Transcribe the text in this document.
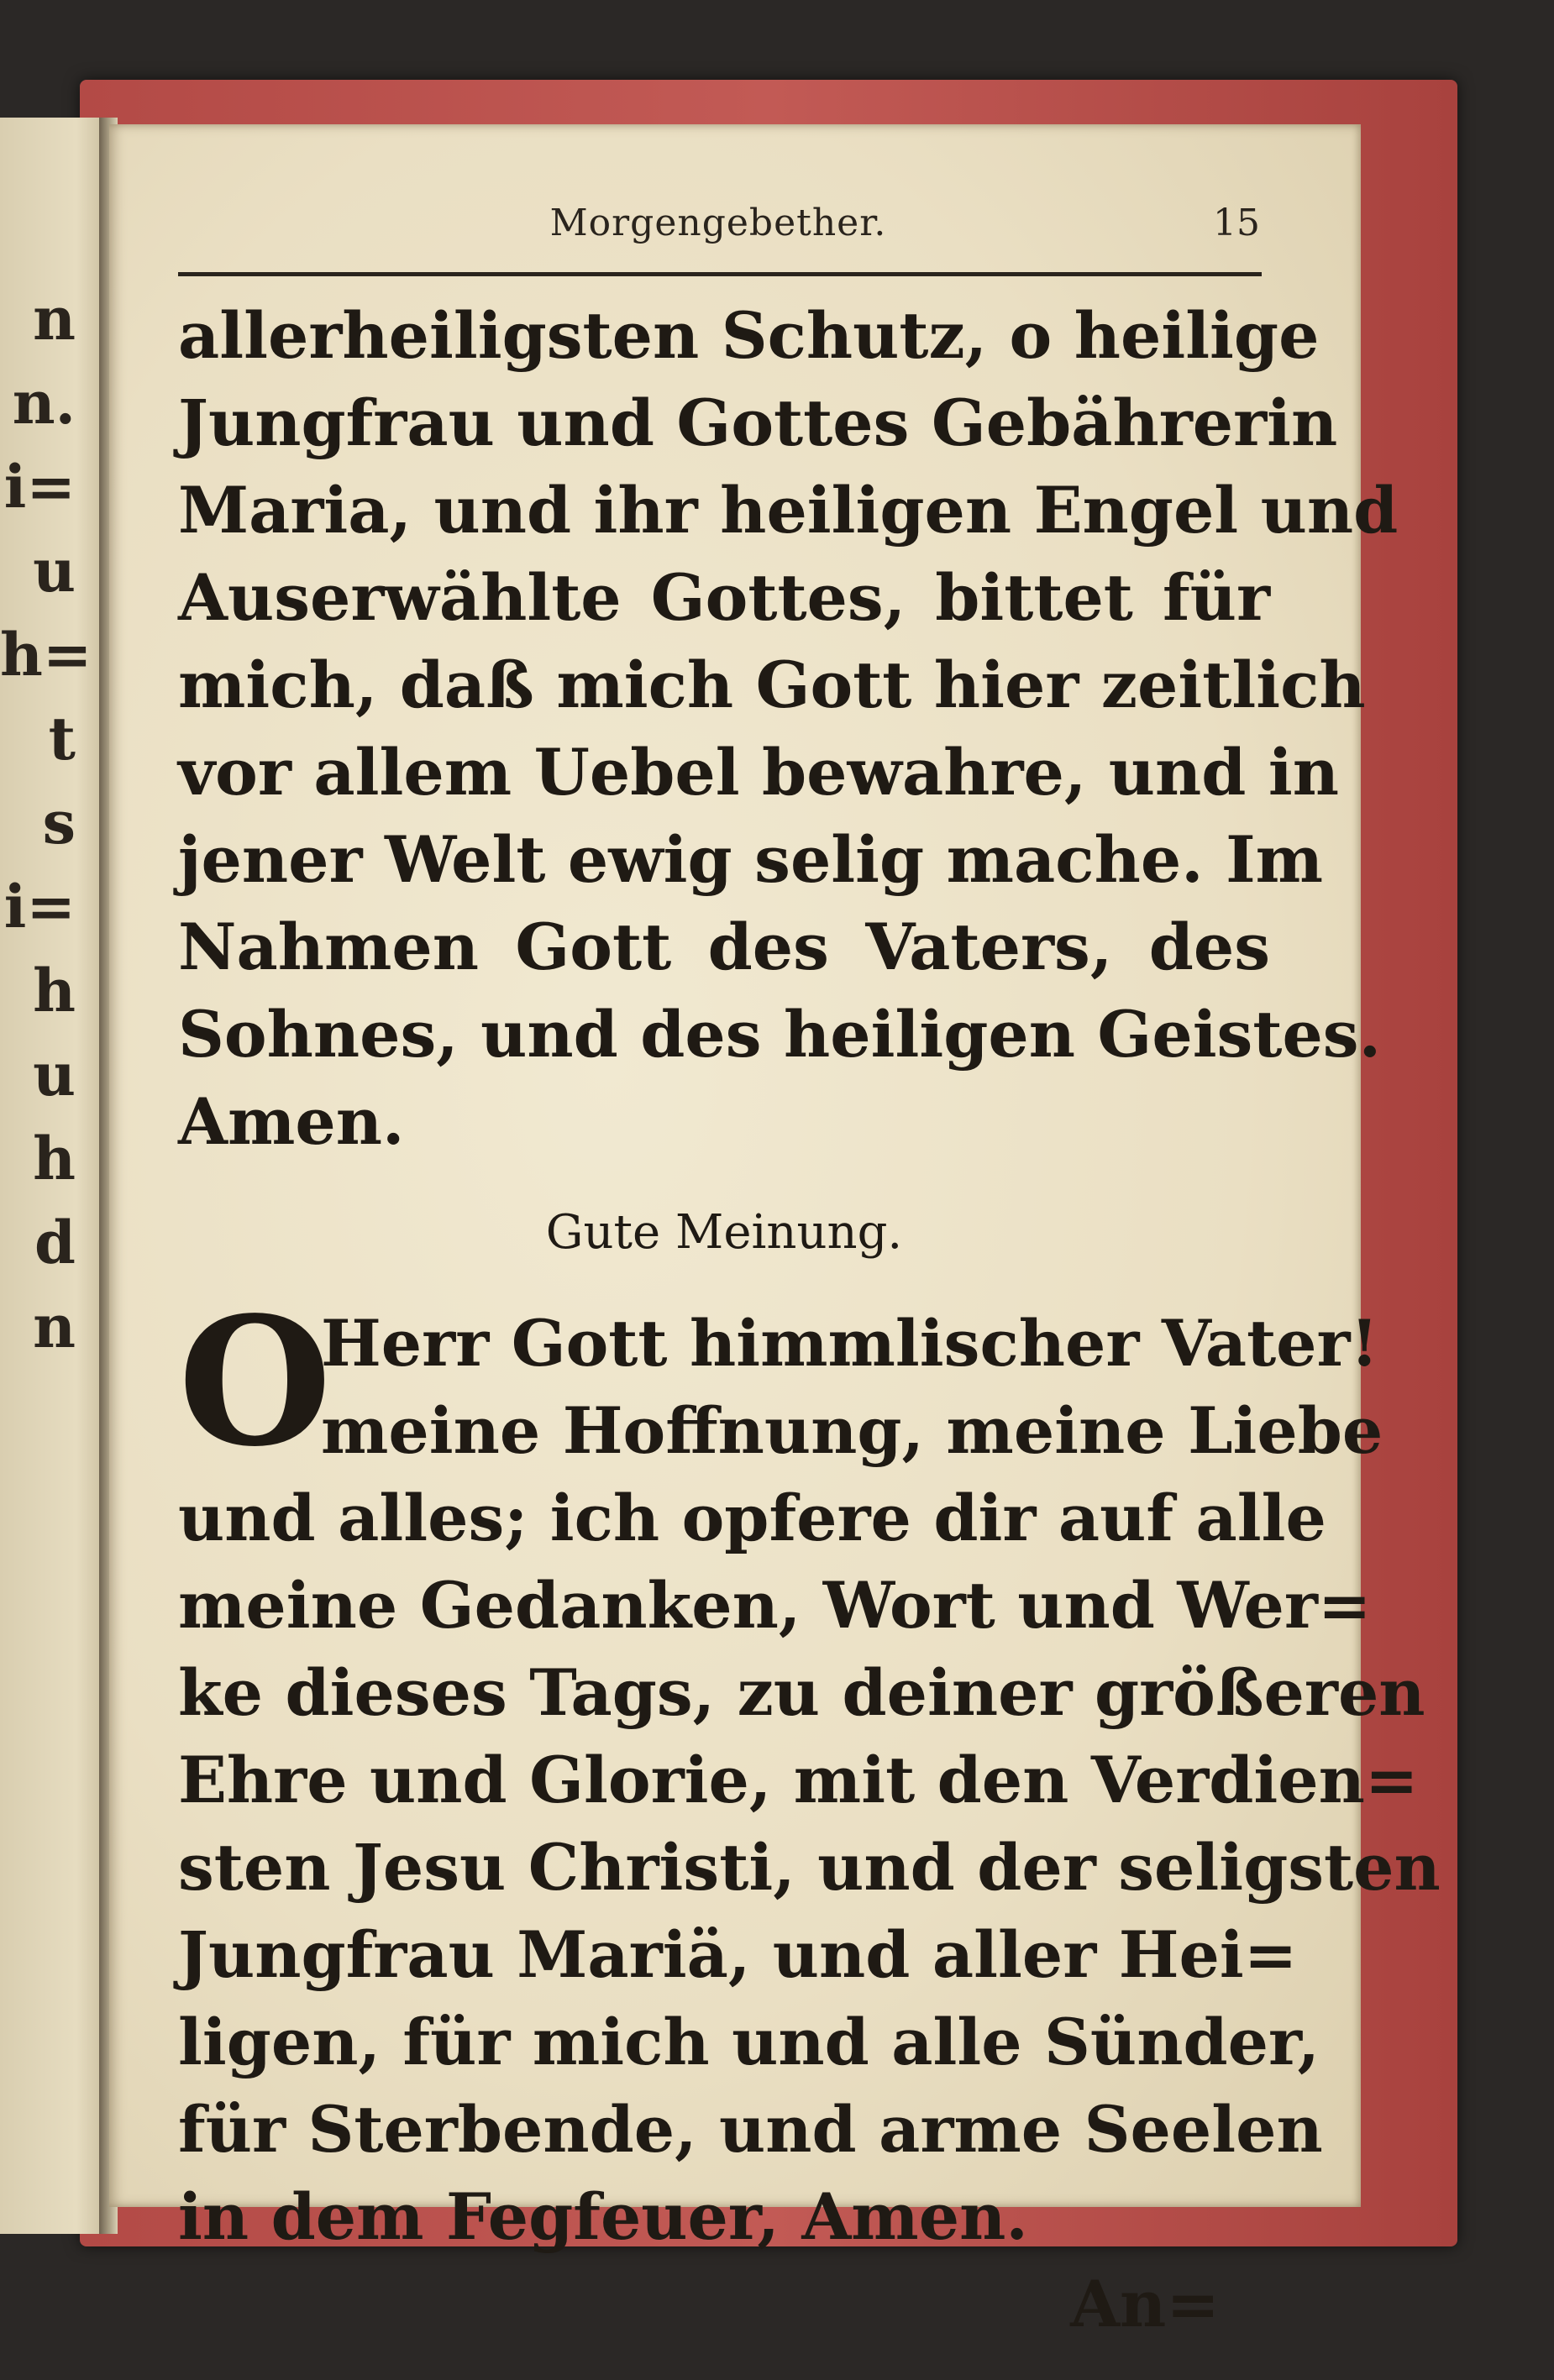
n
n.
i=
u
h=
t
s
i=
h
u
h
d
n
Morgengebether.	15
allerheiligsten Schutz, o heilige
Jungfrau und Gottes Gebährerin
Maria, und ihr heiligen Engel und
Auserwählte Gottes, bittet für
mich, daß mich Gott hier zeitlich
vor allem Uebel bewahre, und in
jener Welt ewig selig mache. Im
Nahmen Gott des Vaters, des
Sohnes, und des heiligen Geistes.
Amen.
Gute Meinung.
O
Herr Gott himmlischer Vater!
meine Hoffnung, meine Liebe
und alles; ich opfere dir auf alle
meine Gedanken, Wort und Wer=
ke dieses Tags, zu deiner größeren
Ehre und Glorie, mit den Verdien=
sten Jesu Christi, und der seligsten
Jungfrau Mariä, und aller Hei=
ligen, für mich und alle Sünder,
für Sterbende, und arme Seelen
in dem Fegfeuer, Amen.
An=
